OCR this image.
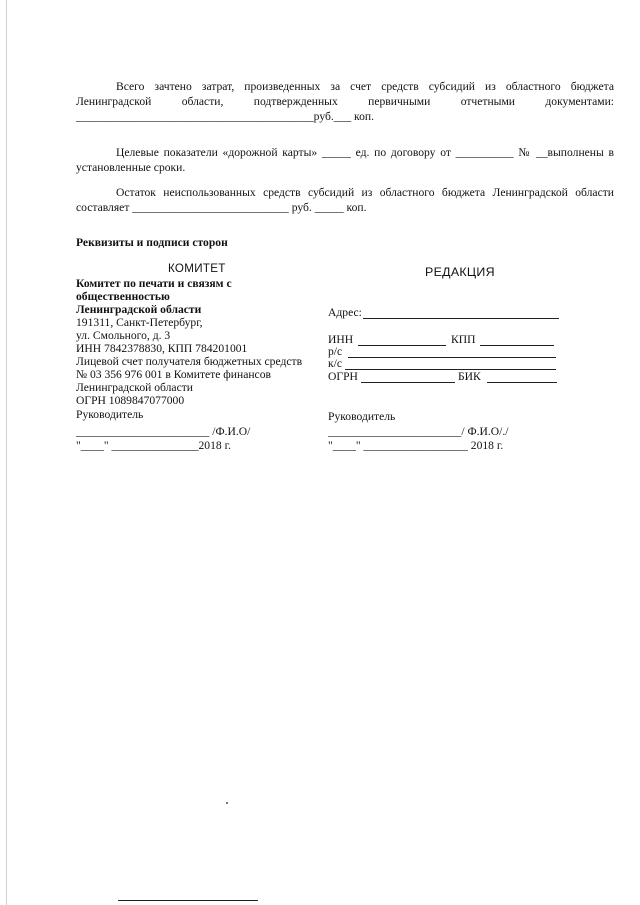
Всего зачтено затрат, произведенных за счет средств субсидий из областного бюджета
Ленинградской области, подтвержденных первичными отчетными документами:
_________________________________________руб.___ коп.
Целевые показатели «дорожной карты» _____ ед. по договору от __________ № __выполнены в
установленные сроки.
Остаток неиспользованных средств субсидий из областного бюджета Ленинградской области
составляет ___________________________ руб. _____ коп.
Реквизиты и подписи сторон
КОМИТЕТ
Комитет по печати и связям с
общественностью
Ленинградской области
191311, Санкт-Петербург,
ул. Смольного, д. 3
ИНН 7842378830, КПП 784201001
Лицевой счет получателя бюджетных средств
№ 03 356 976 001 в Комитете финансов
Ленинградской области
ОГРН 1089847077000
Руководитель
_______________________ /Ф.И.О/
"____" _______________2018 г.
РЕДАКЦИЯ
Адрес:
ИНН	КПП
р/с
к/с
ОГРН	БИК
Руководитель
_______________________/ Ф.И.О/./
"____" __________________ 2018 г.
